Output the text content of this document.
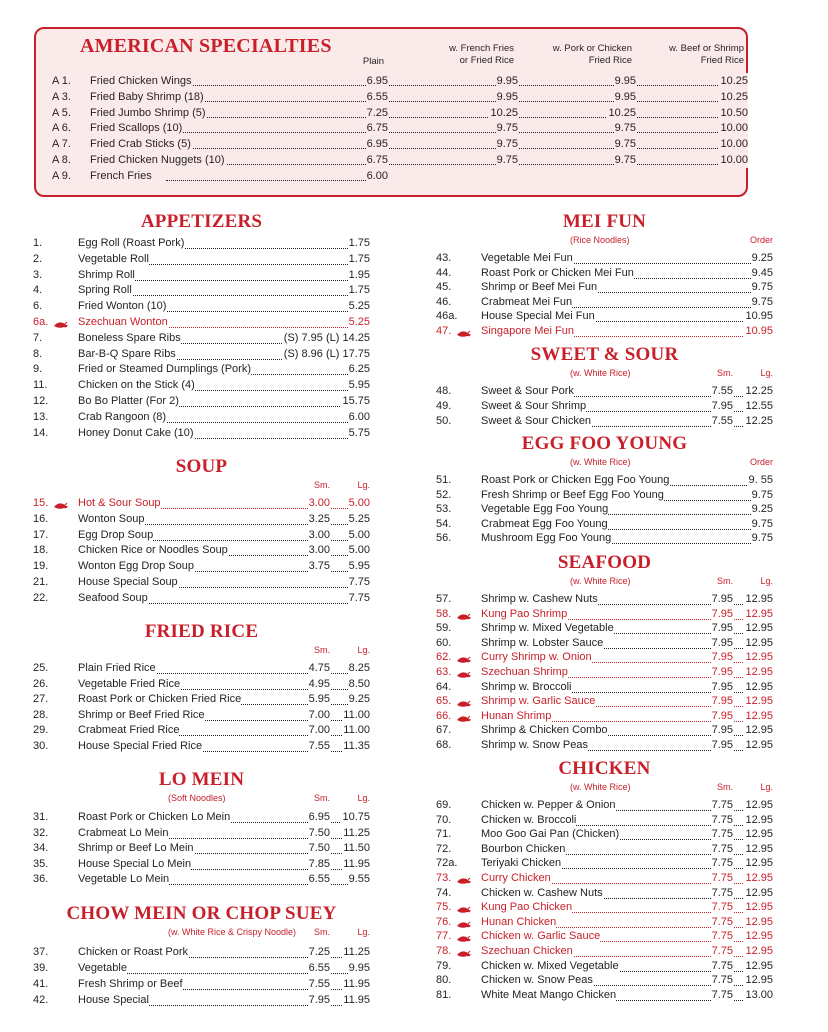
AMERICAN SPECIALTIES
Plain
w. French Fries
or Fried Rice
w. Pork or Chicken
Fried Rice
w. Beef or Shrimp
Fried Rice
A 1. Fried Chicken Wings	6.95	9.95	9.95	10.25
A 3. Fried Baby Shrimp (18)	6.55	9.95	9.95	10.25
A 5. Fried Jumbo Shrimp (5)	7.25	10.25	10.25	10.50
A 6. Fried Scallops (10)	6.75	9.75	9.75	10.00
A 7. Fried Crab Sticks (5)	6.95	9.75	9.75	10.00
A 8. Fried Chicken Nuggets (10)	6.75	9.75	9.75	10.00
A 9. French Fries	6.00
APPETIZERS
1.	Egg Roll (Roast Pork)	1.75
2.	Vegetable Roll	1.75
3.	Shrimp Roll	1.95
4.	Spring Roll	1.75
6.	Fried Wonton (10)	5.25
6a.	Szechuan Wonton	5.25
7.	Boneless Spare Ribs	(S) 7.95 (L) 14.25
8.	Bar-B-Q Spare Ribs	(S) 8.96 (L) 17.75
9.	Fried or Steamed Dumplings (Pork)	6.25
11.	Chicken on the Stick (4)	5.95
12.	Bo Bo Platter (For 2)	15.75
13.	Crab Rangoon (8)	6.00
14.	Honey Donut Cake (10)	5.75
SOUP
Sm.	Lg.
15.	Hot & Sour Soup	3.00 5.00
16.	Wonton Soup	3.25 5.25
17.	Egg Drop Soup	3.00 5.00
18.	Chicken Rice or Noodles Soup	3.00 5.00
19.	Wonton Egg Drop Soup	3.75 5.95
21.	House Special Soup	7.75
22.	Seafood Soup	7.75
FRIED RICE
Sm.	Lg.
25.	Plain Fried Rice	4.75 8.25
26.	Vegetable Fried Rice	4.95 8.50
27.	Roast Pork or Chicken Fried Rice	5.95 9.25
28.	Shrimp or Beef Fried Rice	7.00 11.00
29.	Crabmeat Fried Rice	7.00 11.00
30.	House Special Fried Rice	7.55 11.35
LO MEIN
(Soft Noodles)	Sm.	Lg.
31.	Roast Pork or Chicken Lo Mein	6.95 10.75
32.	Crabmeat Lo Mein	7.50 11.25
34.	Shrimp or Beef Lo Mein	7.50 11.50
35.	House Special Lo Mein	7.85 11.95
36.	Vegetable Lo Mein	6.55 9.55
CHOW MEIN OR CHOP SUEY
(w. White Rice & Crispy Noodle) Sm.	Lg.
37.	Chicken or Roast Pork	7.25 11.25
39.	Vegetable	6.55 9.95
41.	Fresh Shrimp or Beef	7.55 11.95
42.	House Special	7.95 11.95
MEI FUN
(Rice Noodles)	Order
43.	Vegetable Mei Fun	9.25
44.	Roast Pork or Chicken Mei Fun	9.45
45.	Shrimp or Beef Mei Fun	9.75
46.	Crabmeat Mei Fun	9.75
46a. House Special Mei Fun	10.95
47.	Singapore Mei Fun	10.95
SWEET & SOUR
(w. White Rice)	Sm.	Lg.
48.	Sweet & Sour Pork	7.55 12.25
49.	Sweet & Sour Shrimp	7.95 12.55
50.	Sweet & Sour Chicken	7.55 12.25
EGG FOO YOUNG
(w. White Rice)	Order
51.	Roast Pork or Chicken Egg Foo Young	9. 55
52.	Fresh Shrimp or Beef Egg Foo Young	9.75
53.	Vegetable Egg Foo Young	9.25
54.	Crabmeat Egg Foo Young	9.75
56.	Mushroom Egg Foo Young	9.75
SEAFOOD
(w. White Rice)	Sm.	Lg.
57.	Shrimp w. Cashew Nuts	7.95 12.95
58.	Kung Pao Shrimp	7.95 12.95
59.	Shrimp w. Mixed Vegetable	7.95 12.95
60.	Shrimp w. Lobster Sauce	7.95 12.95
62.	Curry Shrimp w. Onion	7.95 12.95
63.	Szechuan Shrimp	7.95 12.95
64.	Shrimp w. Broccoli	7.95 12.95
65.	Shrimp w. Garlic Sauce	7.95 12.95
66.	Hunan Shrimp	7.95 12.95
67.	Shrimp & Chicken Combo	7.95 12.95
68.	Shrimp w. Snow Peas	7.95 12.95
CHICKEN
(w. White Rice)	Sm.	Lg.
69.	Chicken w. Pepper & Onion	7.75 12.95
70.	Chicken w. Broccoli	7.75 12.95
71.	Moo Goo Gai Pan (Chicken)	7.75 12.95
72.	Bourbon Chicken	7.75 12.95
72a. Teriyaki Chicken	7.75 12.95
73.	Curry Chicken	7.75 12.95
74.	Chicken w. Cashew Nuts	7.75 12.95
75.	Kung Pao Chicken	7.75 12.95
76.	Hunan Chicken	7.75 12.95
77.	Chicken w. Garlic Sauce	7.75 12.95
78.	Szechuan Chicken	7.75 12.95
79.	Chicken w. Mixed Vegetable	7.75 12.95
80.	Chicken w. Snow Peas	7.75 12.95
81.	White Meat Mango Chicken	7.75 13.00
